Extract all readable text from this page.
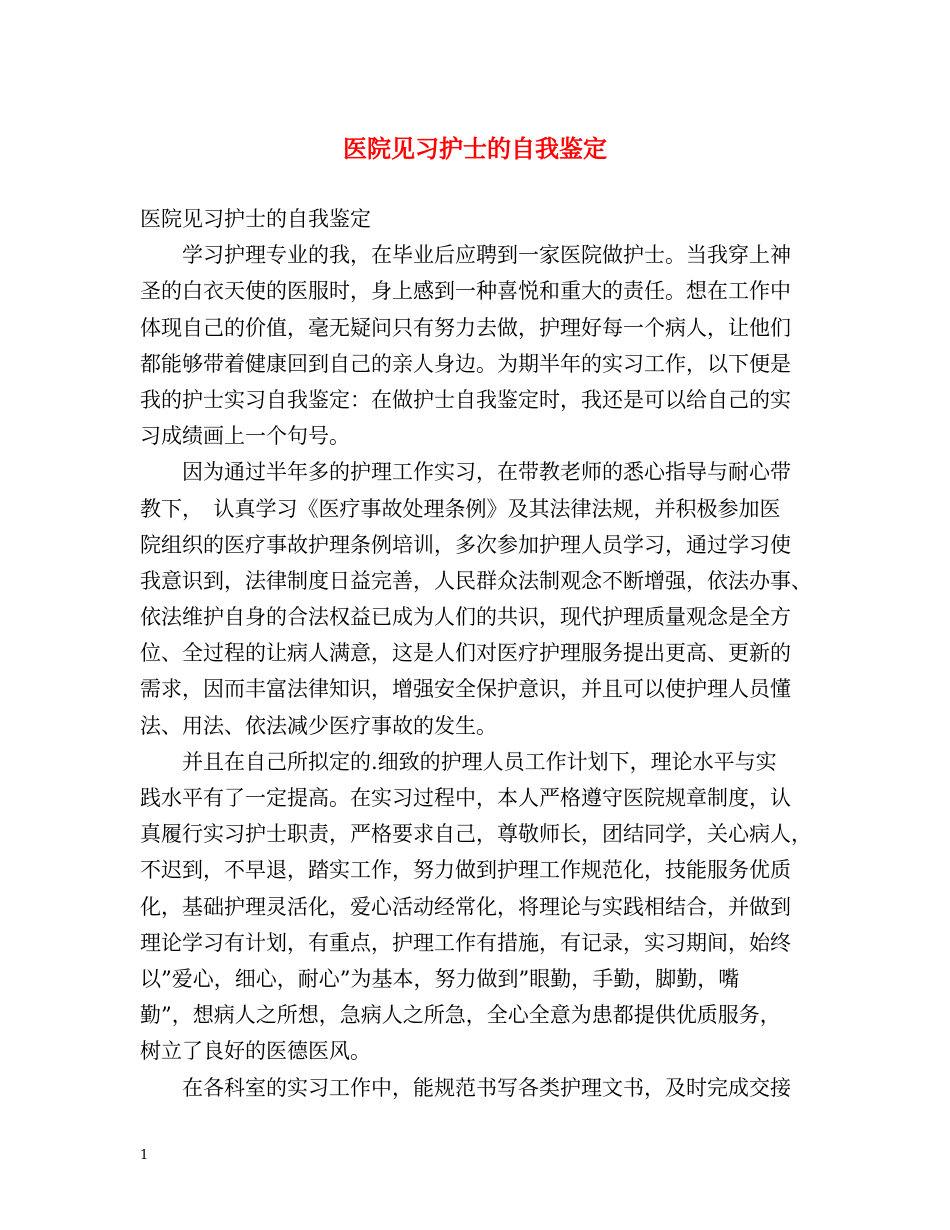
医院见习护士的自我鉴定
医院见习护士的自我鉴定
学习护理专业的我，在毕业后应聘到一家医院做护士。当我穿上神
圣的白衣天使的医服时，身上感到一种喜悦和重大的责任。想在工作中
体现自己的价值，毫无疑问只有努力去做，护理好每一个病人，让他们
都能够带着健康回到自己的亲人身边。为期半年的实习工作，以下便是
我的护士实习自我鉴定：在做护士自我鉴定时，我还是可以给自己的实
习成绩画上一个句号。
因为通过半年多的护理工作实习，在带教老师的悉心指导与耐心带
教下，　认真学习《医疗事故处理条例》及其法律法规，并积极参加医
院组织的医疗事故护理条例培训，多次参加护理人员学习，通过学习使
我意识到，法律制度日益完善，人民群众法制观念不断增强，依法办事、
依法维护自身的合法权益已成为人们的共识，现代护理质量观念是全方
位、全过程的让病人满意，这是人们对医疗护理服务提出更高、更新的
需求，因而丰富法律知识，增强安全保护意识，并且可以使护理人员懂
法、用法、依法减少医疗事故的发生。
并且在自己所拟定的.细致的护理人员工作计划下，理论水平与实
践水平有了一定提高。在实习过程中，本人严格遵守医院规章制度，认
真履行实习护士职责，严格要求自己，尊敬师长，团结同学，关心病人，
不迟到，不早退，踏实工作，努力做到护理工作规范化，技能服务优质
化，基础护理灵活化，爱心活动经常化，将理论与实践相结合，并做到
理论学习有计划，有重点，护理工作有措施，有记录，实习期间，始终
以”爱心，细心，耐心”为基本，努力做到”眼勤，手勤，脚勤，嘴
勤”，想病人之所想，急病人之所急，全心全意为患都提供优质服务，
树立了良好的医德医风。
在各科室的实习工作中，能规范书写各类护理文书，及时完成交接
1
